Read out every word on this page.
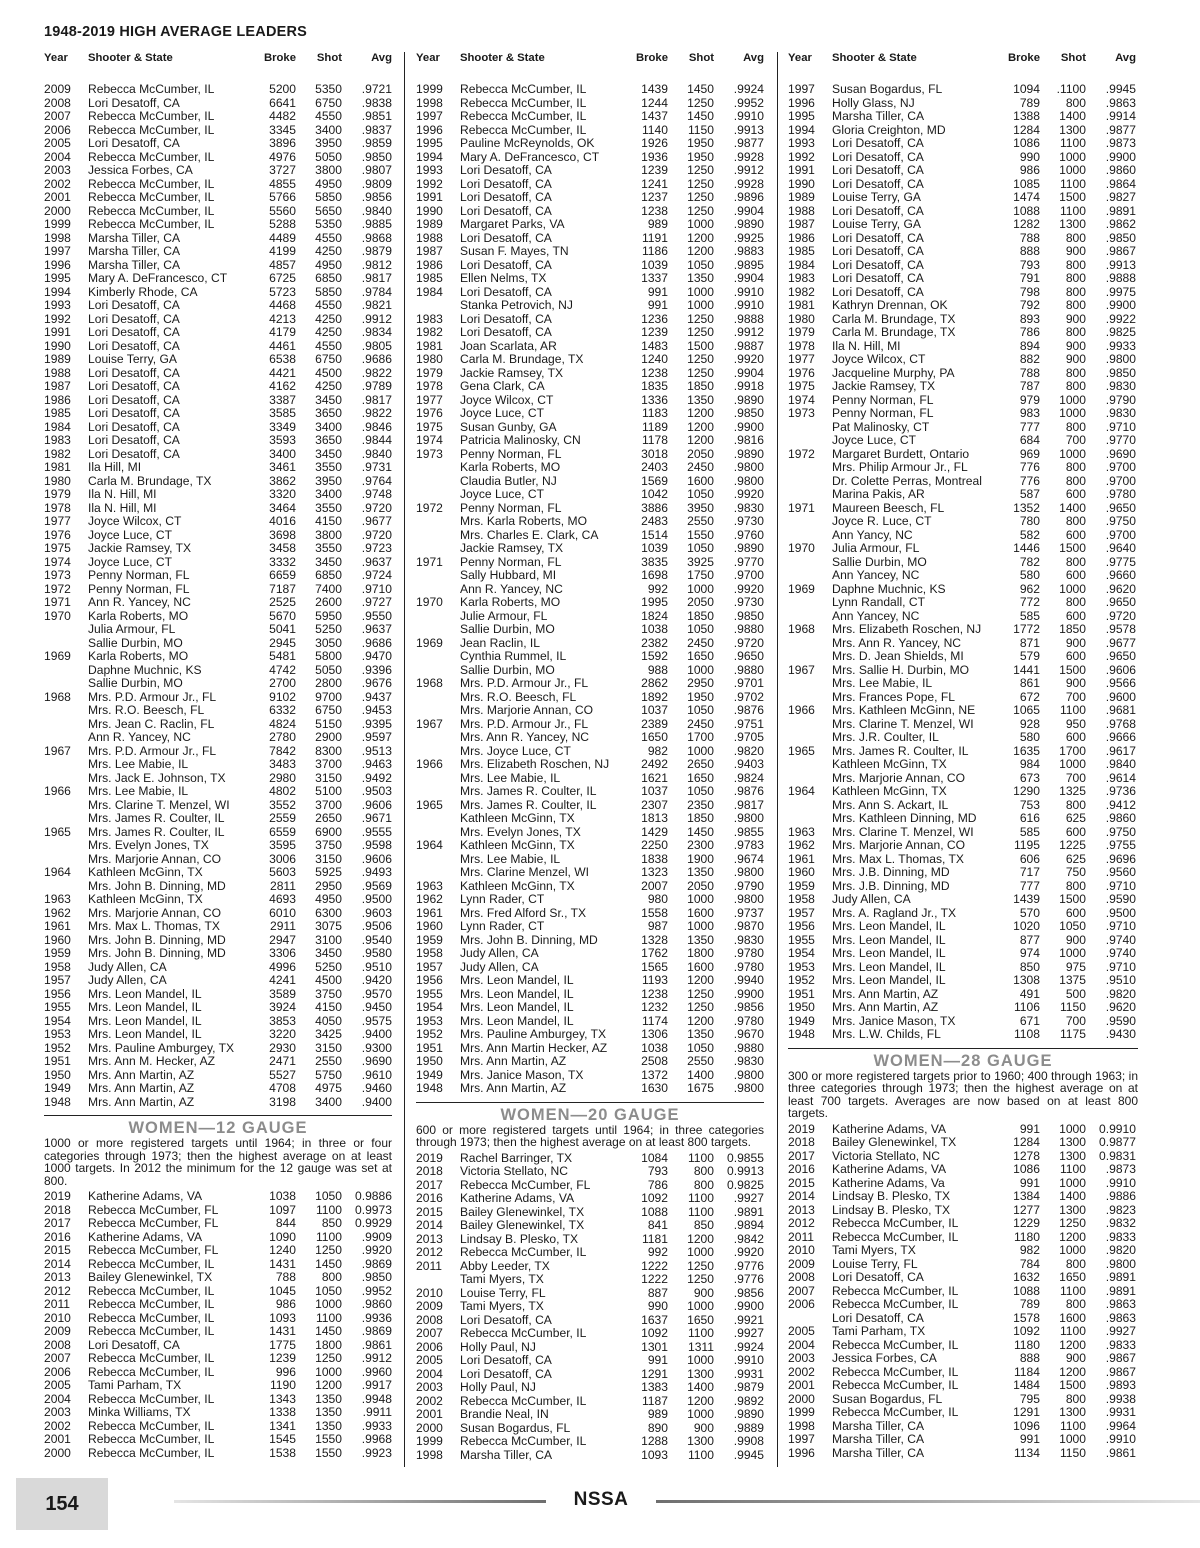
1948-2019 HIGH AVERAGE LEADERS
Year	Shooter & State	Broke	Shot	Avg
2009	Rebecca McCumber, IL	5200	5350	.9721
2008	Lori Desatoff, CA	6641	6750	.9838
2007	Rebecca McCumber, IL	4482	4550	.9851
2006	Rebecca McCumber, IL	3345	3400	.9837
2005	Lori Desatoff, CA	3896	3950	.9859
2004	Rebecca McCumber, IL	4976	5050	.9850
2003	Jessica Forbes, CA	3727	3800	.9807
2002	Rebecca McCumber, IL	4855	4950	.9809
2001	Rebecca McCumber, IL	5766	5850	.9856
2000	Rebecca McCumber, IL	5560	5650	.9840
1999	Rebecca McCumber, IL	5288	5350	.9885
1998	Marsha Tiller, CA	4489	4550	.9868
1997	Marsha Tiller, CA	4199	4250	.9879
1996	Marsha Tiller, CA	4857	4950	.9812
1995	Mary A. DeFrancesco, CT	6725	6850	.9817
1994	Kimberly Rhode, CA	5723	5850	.9784
1993	Lori Desatoff, CA	4468	4550	.9821
1992	Lori Desatoff, CA	4213	4250	.9912
1991	Lori Desatoff, CA	4179	4250	.9834
1990	Lori Desatoff, CA	4461	4550	.9805
1989	Louise Terry, GA	6538	6750	.9686
1988	Lori Desatoff, CA	4421	4500	.9822
1987	Lori Desatoff, CA	4162	4250	.9789
1986	Lori Desatoff, CA	3387	3450	.9817
1985	Lori Desatoff, CA	3585	3650	.9822
1984	Lori Desatoff, CA	3349	3400	.9846
1983	Lori Desatoff, CA	3593	3650	.9844
1982	Lori Desatoff, CA	3400	3450	.9840
1981	Ila Hill, MI	3461	3550	.9731
1980	Carla M. Brundage, TX	3862	3950	.9764
1979	Ila N. Hill, MI	3320	3400	.9748
1978	Ila N. Hill, MI	3464	3550	.9720
1977	Joyce Wilcox, CT	4016	4150	.9677
1976	Joyce Luce, CT	3698	3800	.9720
1975	Jackie Ramsey, TX	3458	3550	.9723
1974	Joyce Luce, CT	3332	3450	.9637
1973	Penny Norman, FL	6659	6850	.9724
1972	Penny Norman, FL	7187	7400	.9710
1971	Ann R. Yancey, NC	2525	2600	.9727
1970	Karla Roberts, MO	5670	5950	.9550
Julia Armour, FL	5041	5250	.9637
Sallie Durbin, MO	2945	3050	.9686
1969	Karla Roberts, MO	5481	5800	.9470
Daphne Muchnic, KS	4742	5050	.9396
Sallie Durbin, MO	2700	2800	.9676
1968	Mrs. P.D. Armour Jr., FL	9102	9700	.9437
Mrs. R.O. Beesch, FL	6332	6750	.9453
Mrs. Jean C. Raclin, FL	4824	5150	.9395
Ann R. Yancey, NC	2780	2900	.9597
1967	Mrs. P.D. Armour Jr., FL	7842	8300	.9513
Mrs. Lee Mabie, IL	3483	3700	.9463
Mrs. Jack E. Johnson, TX	2980	3150	.9492
1966	Mrs. Lee Mabie, IL	4802	5100	.9503
Mrs. Clarine T. Menzel, WI	3552	3700	.9606
Mrs. James R. Coulter, IL	2559	2650	.9671
1965	Mrs. James R. Coulter, IL	6559	6900	.9555
Mrs. Evelyn Jones, TX	3595	3750	.9598
Mrs. Marjorie Annan, CO	3006	3150	.9606
1964	Kathleen McGinn, TX	5603	5925	.9493
Mrs. John B. Dinning, MD	2811	2950	.9569
1963	Kathleen McGinn, TX	4693	4950	.9500
1962	Mrs. Marjorie Annan, CO	6010	6300	.9603
1961	Mrs. Max L. Thomas, TX	2911	3075	.9506
1960	Mrs. John B. Dinning, MD	2947	3100	.9540
1959	Mrs. John B. Dinning, MD	3306	3450	.9580
1958	Judy Allen, CA	4996	5250	.9510
1957	Judy Allen, CA	4241	4500	.9420
1956	Mrs. Leon Mandel, IL	3589	3750	.9570
1955	Mrs. Leon Mandel, IL	3924	4150	.9450
1954	Mrs. Leon Mandel, IL	3853	4050	.9575
1953	Mrs. Leon Mandel, IL	3220	3425	.9400
1952	Mrs. Pauline Amburgey, TX	2930	3150	.9300
1951	Mrs. Ann M. Hecker, AZ	2471	2550	.9690
1950	Mrs. Ann Martin, AZ	5527	5750	.9610
1949	Mrs. Ann Martin, AZ	4708	4975	.9460
1948	Mrs. Ann Martin, AZ	3198	3400	.9400
WOMEN—12 GAUGE
1000 or more registered targets until 1964; in three or four categories through 1973; then the highest average on at least 1000 targets. In 2012 the minimum for the 12 gauge was set at 800.
2019	Katherine Adams, VA	1038	1050	0.9886
2018	Rebecca McCumber, FL	1097	1100	0.9973
2017	Rebecca McCumber, FL	844	850	0.9929
2016	Katherine Adams, VA	1090	1100	.9909
2015	Rebecca McCumber, FL	1240	1250	.9920
2014	Rebecca McCumber, IL	1431	1450	.9869
2013	Bailey Glenewinkel, TX	788	800	.9850
2012	Rebecca McCumber, IL	1045	1050	.9952
2011	Rebecca McCumber, IL	986	1000	.9860
2010	Rebecca McCumber, IL	1093	1100	.9936
2009	Rebecca McCumber, IL	1431	1450	.9869
2008	Lori Desatoff, CA	1775	1800	.9861
2007	Rebecca McCumber, IL	1239	1250	.9912
2006	Rebecca McCumber, IL	996	1000	.9960
2005	Tami Parham, TX	1190	1200	.9917
2004	Rebecca McCumber, IL	1343	1350	.9948
2003	Minka Williams, TX	1338	1350	.9911
2002	Rebecca McCumber, IL	1341	1350	.9933
2001	Rebecca McCumber, IL	1545	1550	.9968
2000	Rebecca McCumber, IL	1538	1550	.9923
Year	Shooter & State	Broke	Shot	Avg
1999	Rebecca McCumber, IL	1439	1450	.9924
1998	Rebecca McCumber, IL	1244	1250	.9952
1997	Rebecca McCumber, IL	1437	1450	.9910
1996	Rebecca McCumber, IL	1140	1150	.9913
1995	Pauline McReynolds, OK	1926	1950	.9877
1994	Mary A. DeFrancesco, CT	1936	1950	.9928
1993	Lori Desatoff, CA	1239	1250	.9912
1992	Lori Desatoff, CA	1241	1250	.9928
1991	Lori Desatoff, CA	1237	1250	.9896
1990	Lori Desatoff, CA	1238	1250	.9904
1989	Margaret Parks, VA	989	1000	.9890
1988	Lori Desatoff, CA	1191	1200	.9925
1987	Susan F. Mayes, TN	1186	1200	.9883
1986	Lori Desatoff, CA	1039	1050	.9895
1985	Ellen Nelms, TX	1337	1350	.9904
1984	Lori Desatoff, CA	991	1000	.9910
Stanka Petrovich, NJ	991	1000	.9910
1983	Lori Desatoff, CA	1236	1250	.9888
1982	Lori Desatoff, CA	1239	1250	.9912
1981	Joan Scarlata, AR	1483	1500	.9887
1980	Carla M. Brundage, TX	1240	1250	.9920
1979	Jackie Ramsey, TX	1238	1250	.9904
1978	Gena Clark, CA	1835	1850	.9918
1977	Joyce Wilcox, CT	1336	1350	.9890
1976	Joyce Luce, CT	1183	1200	.9850
1975	Susan Gunby, GA	1189	1200	.9900
1974	Patricia Malinosky, CN	1178	1200	.9816
1973	Penny Norman, FL	3018	2050	.9890
Karla Roberts, MO	2403	2450	.9800
Claudia Butler, NJ	1569	1600	.9800
Joyce Luce, CT	1042	1050	.9920
1972	Penny Norman, FL	3886	3950	.9830
Mrs. Karla Roberts, MO	2483	2550	.9730
Mrs. Charles E. Clark, CA	1514	1550	.9760
Jackie Ramsey, TX	1039	1050	.9890
1971	Penny Norman, FL	3835	3925	.9770
Sally Hubbard, MI	1698	1750	.9700
Ann R. Yancey, NC	992	1000	.9920
1970	Karla Roberts, MO	1995	2050	.9730
Julie Armour, FL	1824	1850	.9850
Sallie Durbin, MO	1038	1050	.9880
1969	Jean Raclin, IL	2382	2450	.9720
Cynthia Rummel, IL	1592	1650	.9650
Sallie Durbin, MO	988	1000	.9880
1968	Mrs. P.D. Armour Jr., FL	2862	2950	.9701
Mrs. R.O. Beesch, FL	1892	1950	.9702
Mrs. Marjorie Annan, CO	1037	1050	.9876
1967	Mrs. P.D. Armour Jr., FL	2389	2450	.9751
Mrs. Ann R. Yancey, NC	1650	1700	.9705
Mrs. Joyce Luce, CT	982	1000	.9820
1966	Mrs. Elizabeth Roschen, NJ	2492	2650	.9403
Mrs. Lee Mabie, IL	1621	1650	.9824
Mrs. James R. Coulter, IL	1037	1050	.9876
1965	Mrs. James R. Coulter, IL	2307	2350	.9817
Kathleen McGinn, TX	1813	1850	.9800
Mrs. Evelyn Jones, TX	1429	1450	.9855
1964	Kathleen McGinn, TX	2250	2300	.9783
Mrs. Lee Mabie, IL	1838	1900	.9674
Mrs. Clarine Menzel, WI	1323	1350	.9800
1963	Kathleen McGinn, TX	2007	2050	.9790
1962	Lynn Rader, CT	980	1000	.9800
1961	Mrs. Fred Alford Sr., TX	1558	1600	.9737
1960	Lynn Rader, CT	987	1000	.9870
1959	Mrs. John B. Dinning, MD	1328	1350	.9830
1958	Judy Allen, CA	1762	1800	.9780
1957	Judy Allen, CA	1565	1600	.9780
1956	Mrs. Leon Mandel, IL	1193	1200	.9940
1955	Mrs. Leon Mandel, IL	1238	1250	.9900
1954	Mrs. Leon Mandel, IL	1232	1250	.9856
1953	Mrs. Leon Mandel, IL	1174	1200	.9780
1952	Mrs. Pauline Amburgey, TX	1306	1350	.9670
1951	Mrs. Ann Martin Hecker, AZ	1038	1050	.9880
1950	Mrs. Ann Martin, AZ	2508	2550	.9830
1949	Mrs. Janice Mason, TX	1372	1400	.9800
1948	Mrs. Ann Martin, AZ	1630	1675	.9800
WOMEN—20 GAUGE
600 or more registered targets until 1964; in three categories through 1973; then the highest average on at least 800 targets.
2019	Rachel Barringer, TX	1084	1100	0.9855
2018	Victoria Stellato, NC	793	800	0.9913
2017	Rebecca McCumber, FL	786	800	0.9825
2016	Katherine Adams, VA	1092	1100	.9927
2015	Bailey Glenewinkel, TX	1088	1100	.9891
2014	Bailey Glenewinkel, TX	841	850	.9894
2013	Lindsay B. Plesko, TX	1181	1200	.9842
2012	Rebecca McCumber, IL	992	1000	.9920
2011	Abby Leeder, TX	1222	1250	.9776
Tami Myers, TX	1222	1250	.9776
2010	Louise Terry, FL	887	900	.9856
2009	Tami Myers, TX	990	1000	.9900
2008	Lori Desatoff, CA	1637	1650	.9921
2007	Rebecca McCumber, IL	1092	1100	.9927
2006	Holly Paul, NJ	1301	1311	.9924
2005	Lori Desatoff, CA	991	1000	.9910
2004	Lori Desatoff, CA	1291	1300	.9931
2003	Holly Paul, NJ	1383	1400	.9879
2002	Rebecca McCumber, IL	1187	1200	.9892
2001	Brandie Neal, IN	989	1000	.9890
2000	Susan Bogardus, FL	890	900	.9889
1999	Rebecca McCumber, IL	1288	1300	.9908
1998	Marsha Tiller, CA	1093	1100	.9945
Year	Shooter & State	Broke	Shot	Avg
1997	Susan Bogardus, FL	1094	.1100	.9945
1996	Holly Glass, NJ	789	800	.9863
1995	Marsha Tiller, CA	1388	1400	.9914
1994	Gloria Creighton, MD	1284	1300	.9877
1993	Lori Desatoff, CA	1086	1100	.9873
1992	Lori Desatoff, CA	990	1000	.9900
1991	Lori Desatoff, CA	986	1000	.9860
1990	Lori Desatoff, CA	1085	1100	.9864
1989	Louise Terry, GA	1474	1500	.9827
1988	Lori Desatoff, CA	1088	1100	.9891
1987	Louise Terry, GA	1282	1300	.9862
1986	Lori Desatoff, CA	788	800	.9850
1985	Lori Desatoff, CA	888	900	.9867
1984	Lori Desatoff, CA	793	800	.9913
1983	Lori Desatoff, CA	791	800	.9888
1982	Lori Desatoff, CA	798	800	.9975
1981	Kathryn Drennan, OK	792	800	.9900
1980	Carla M. Brundage, TX	893	900	.9922
1979	Carla M. Brundage, TX	786	800	.9825
1978	Ila N. Hill, MI	894	900	.9933
1977	Joyce Wilcox, CT	882	900	.9800
1976	Jacqueline Murphy, PA	788	800	.9850
1975	Jackie Ramsey, TX	787	800	.9830
1974	Penny Norman, FL	979	1000	.9790
1973	Penny Norman, FL	983	1000	.9830
Pat Malinosky, CT	777	800	.9710
Joyce Luce, CT	684	700	.9770
1972	Margaret Burdett, Ontario	969	1000	.9690
Mrs. Philip Armour Jr., FL	776	800	.9700
Dr. Colette Perras, Montreal	776	800	.9700
Marina Pakis, AR	587	600	.9780
1971	Maureen Beesch, FL	1352	1400	.9650
Joyce R. Luce, CT	780	800	.9750
Ann Yancy, NC	582	600	.9700
1970	Julia Armour, FL	1446	1500	.9640
Sallie Durbin, MO	782	800	.9775
Ann Yancey, NC	580	600	.9660
1969	Daphne Muchnic, KS	962	1000	.9620
Lynn Randall, CT	772	800	.9650
Ann Yancey, NC	585	600	.9720
1968	Mrs. Elizabeth Roschen, NJ	1772	1850	.9578
Mrs. Ann R. Yancey, NC	871	900	.9677
Mrs. D. Jean Shields, MI	579	600	.9650
1967	Mrs. Sallie H. Durbin, MO	1441	1500	.9606
Mrs. Lee Mabie, IL	861	900	.9566
Mrs. Frances Pope, FL	672	700	.9600
1966	Mrs. Kathleen McGinn, NE	1065	1100	.9681
Mrs. Clarine T. Menzel, WI	928	950	.9768
Mrs. J.R. Coulter, IL	580	600	.9666
1965	Mrs. James R. Coulter, IL	1635	1700	.9617
Kathleen McGinn, TX	984	1000	.9840
Mrs. Marjorie Annan, CO	673	700	.9614
1964	Kathleen McGinn, TX	1290	1325	.9736
Mrs. Ann S. Ackart, IL	753	800	.9412
Mrs. Kathleen Dinning, MD	616	625	.9860
1963	Mrs. Clarine T. Menzel, WI	585	600	.9750
1962	Mrs. Marjorie Annan, CO	1195	1225	.9755
1961	Mrs. Max L. Thomas, TX	606	625	.9696
1960	Mrs. J.B. Dinning, MD	717	750	.9560
1959	Mrs. J.B. Dinning, MD	777	800	.9710
1958	Judy Allen, CA	1439	1500	.9590
1957	Mrs. A. Ragland Jr., TX	570	600	.9500
1956	Mrs. Leon Mandel, IL	1020	1050	.9710
1955	Mrs. Leon Mandel, IL	877	900	.9740
1954	Mrs. Leon Mandel, IL	974	1000	.9740
1953	Mrs. Leon Mandel, IL	850	975	.9710
1952	Mrs. Leon Mandel, IL	1308	1375	.9510
1951	Mrs. Ann Martin, AZ	491	500	.9820
1950	Mrs. Ann Martin, AZ	1106	1150	.9620
1949	Mrs. Janice Mason, TX	671	700	.9590
1948	Mrs. L.W. Childs, FL	1108	1175	.9430
WOMEN—28 GAUGE
300 or more registered targets prior to 1960; 400 through 1963; in three categories through 1973; then the highest average on at least 700 targets. Averages are now based on at least 800 targets.
2019	Katherine Adams, VA	991	1000	0.9910
2018	Bailey Glenewinkel, TX	1284	1300	0.9877
2017	Victoria Stellato, NC	1278	1300	0.9831
2016	Katherine Adams, VA	1086	1100	.9873
2015	Katherine Adams, Va	991	1000	.9910
2014	Lindsay B. Plesko, TX	1384	1400	.9886
2013	Lindsay B. Plesko, TX	1277	1300	.9823
2012	Rebecca McCumber, IL	1229	1250	.9832
2011	Rebecca McCumber, IL	1180	1200	.9833
2010	Tami Myers, TX	982	1000	.9820
2009	Louise Terry, FL	784	800	.9800
2008	Lori Desatoff, CA	1632	1650	.9891
2007	Rebecca McCumber, IL	1088	1100	.9891
2006	Rebecca McCumber, IL	789	800	.9863
Lori Desatoff, CA	1578	1600	.9863
2005	Tami Parham, TX	1092	1100	.9927
2004	Rebecca McCumber, IL	1180	1200	.9833
2003	Jessica Forbes, CA	888	900	.9867
2002	Rebecca McCumber, IL	1184	1200	.9867
2001	Rebecca McCumber, IL	1484	1500	.9893
2000	Susan Bogardus, FL	795	800	.9938
1999	Rebecca McCumber, IL	1291	1300	.9931
1998	Marsha Tiller, CA	1096	1100	.9964
1997	Marsha Tiller, CA	991	1000	.9910
1996	Marsha Tiller, CA	1134	1150	.9861
154	NSSA
